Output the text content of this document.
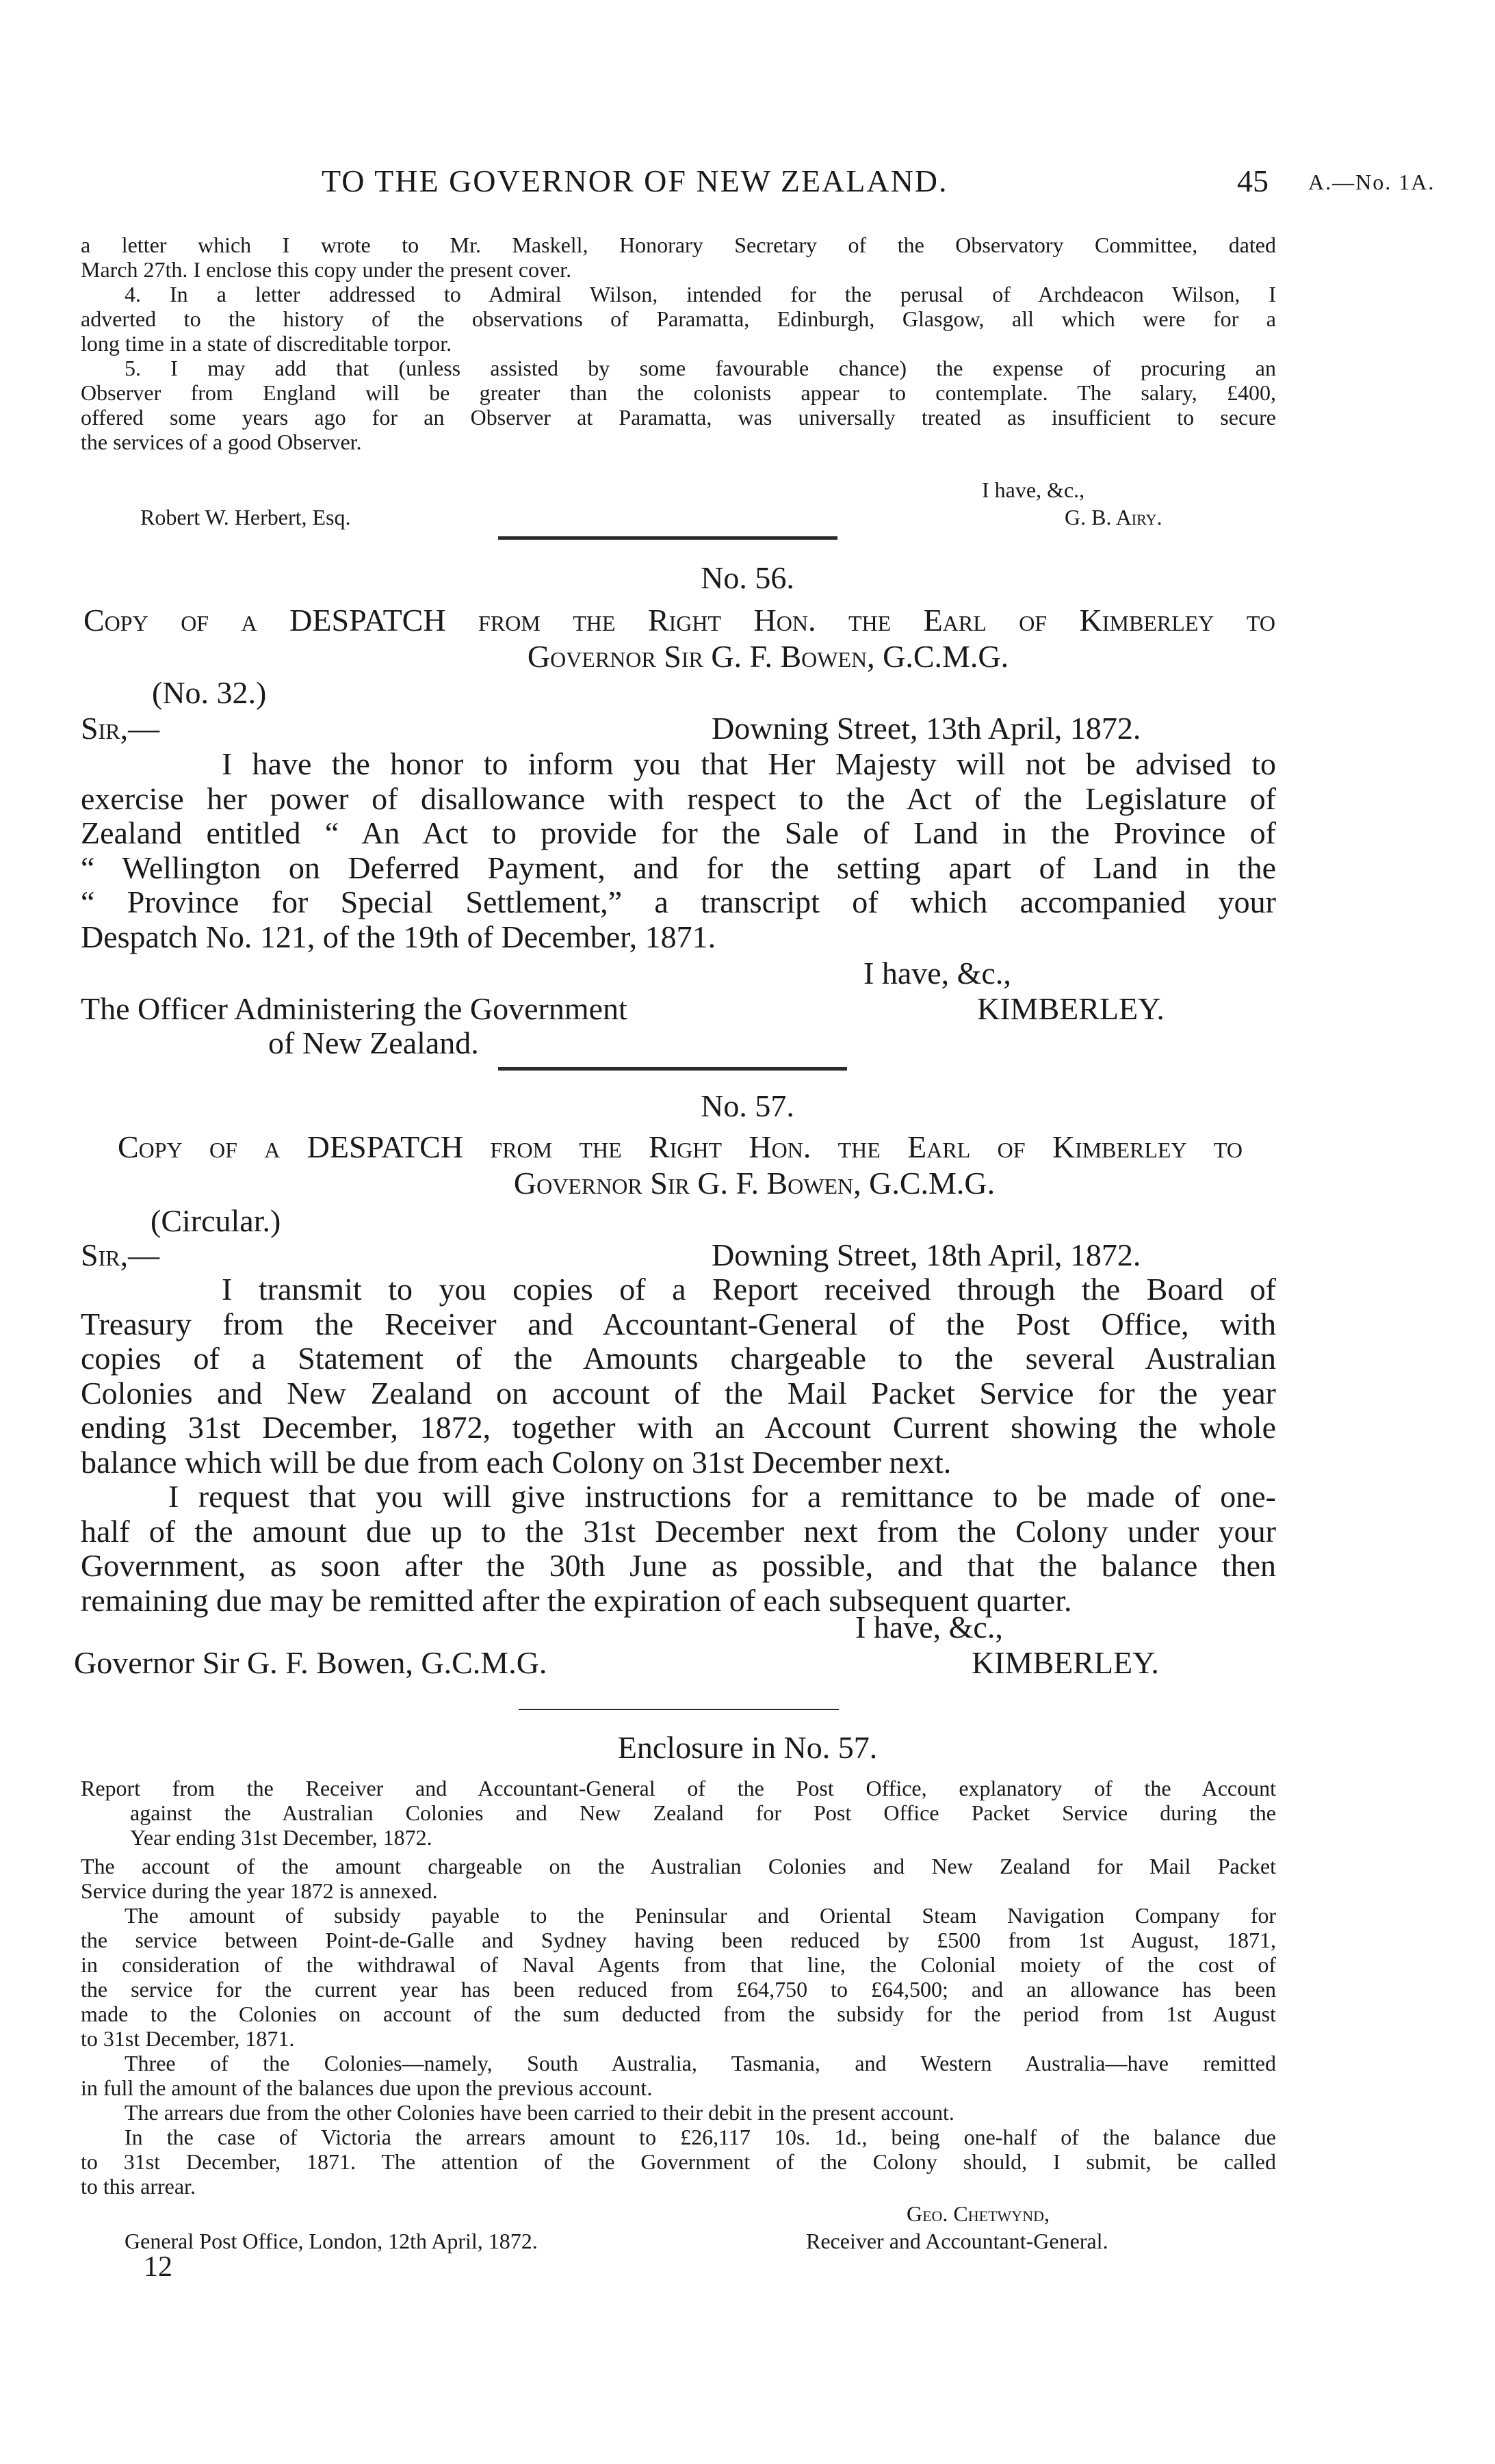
TO THE GOVERNOR OF NEW ZEALAND.	45 A.—No. 1A.
a letter which I wrote to Mr. Maskell, Honorary Secretary of the Observatory Committee, dated
March 27th. I enclose this copy under the present cover.
4. In a letter addressed to Admiral Wilson, intended for the perusal of Archdeacon Wilson, I
adverted to the history of the observations of Paramatta, Edinburgh, Glasgow, all which were for a
long time in a state of discreditable torpor.
5. I may add that (unless assisted by some favourable chance) the expense of procuring an
Observer from England will be greater than the colonists appear to contemplate. The salary, £400,
offered some years ago for an Observer at Paramatta, was universally treated as insufficient to secure
the services of a good Observer.
I have, &c.,
Robert W. Herbert, Esq.	G. B. Airy.
No. 56.
Copy of a DESPATCH from the Right Hon. the Earl of Kimberley to
Governor Sir G. F. Bowen, G.C.M.G.
(No. 32.)
Sir,—	Downing Street, 13th April, 1872.
I have the honor to inform you that Her Majesty will not be advised to
exercise her power of disallowance with respect to the Act of the Legislature of
Zealand entitled “ An Act to provide for the Sale of Land in the Province of
“ Wellington on Deferred Payment, and for the setting apart of Land in the
“ Province for Special Settlement,” a transcript of which accompanied your
Despatch No. 121, of the 19th of December, 1871.
I have, &c.,
The Officer Administering the Government
of New Zealand.
KIMBERLEY.
No. 57.
Copy of a DESPATCH from the Right Hon. the Earl of Kimberley to
Governor Sir G. F. Bowen, G.C.M.G.
(Circular.)
Sir,—	Downing Street, 18th April, 1872.
I transmit to you copies of a Report received through the Board of
Treasury from the Receiver and Accountant-General of the Post Office, with
copies of a Statement of the Amounts chargeable to the several Australian
Colonies and New Zealand on account of the Mail Packet Service for the year
ending 31st December, 1872, together with an Account Current showing the whole
balance which will be due from each Colony on 31st December next.
I request that you will give instructions for a remittance to be made of one-
half of the amount due up to the 31st December next from the Colony under your
Government, as soon after the 30th June as possible, and that the balance then
remaining due may be remitted after the expiration of each subsequent quarter.
I have, &c.,
Governor Sir G. F. Bowen, G.C.M.G.	KIMBERLEY.
Enclosure in No. 57.
Report from the Receiver and Accountant-General of the Post Office, explanatory of the Account
against the Australian Colonies and New Zealand for Post Office Packet Service during the
Year ending 31st December, 1872.
The account of the amount chargeable on the Australian Colonies and New Zealand for Mail Packet
Service during the year 1872 is annexed.
The amount of subsidy payable to the Peninsular and Oriental Steam Navigation Company for
the service between Point-de-Galle and Sydney having been reduced by £500 from 1st August, 1871,
in consideration of the withdrawal of Naval Agents from that line, the Colonial moiety of the cost of
the service for the current year has been reduced from £64,750 to £64,500; and an allowance has been
made to the Colonies on account of the sum deducted from the subsidy for the period from 1st August
to 31st December, 1871.
Three of the Colonies—namely, South Australia, Tasmania, and Western Australia—have remitted
in full the amount of the balances due upon the previous account.
The arrears due from the other Colonies have been carried to their debit in the present account.
In the case of Victoria the arrears amount to £26,117 10s. 1d., being one-half of the balance due
to 31st December, 1871. The attention of the Government of the Colony should, I submit, be called
to this arrear.
Geo. Chetwynd,
General Post Office, London, 12th April, 1872.	Receiver and Accountant-General.
12
